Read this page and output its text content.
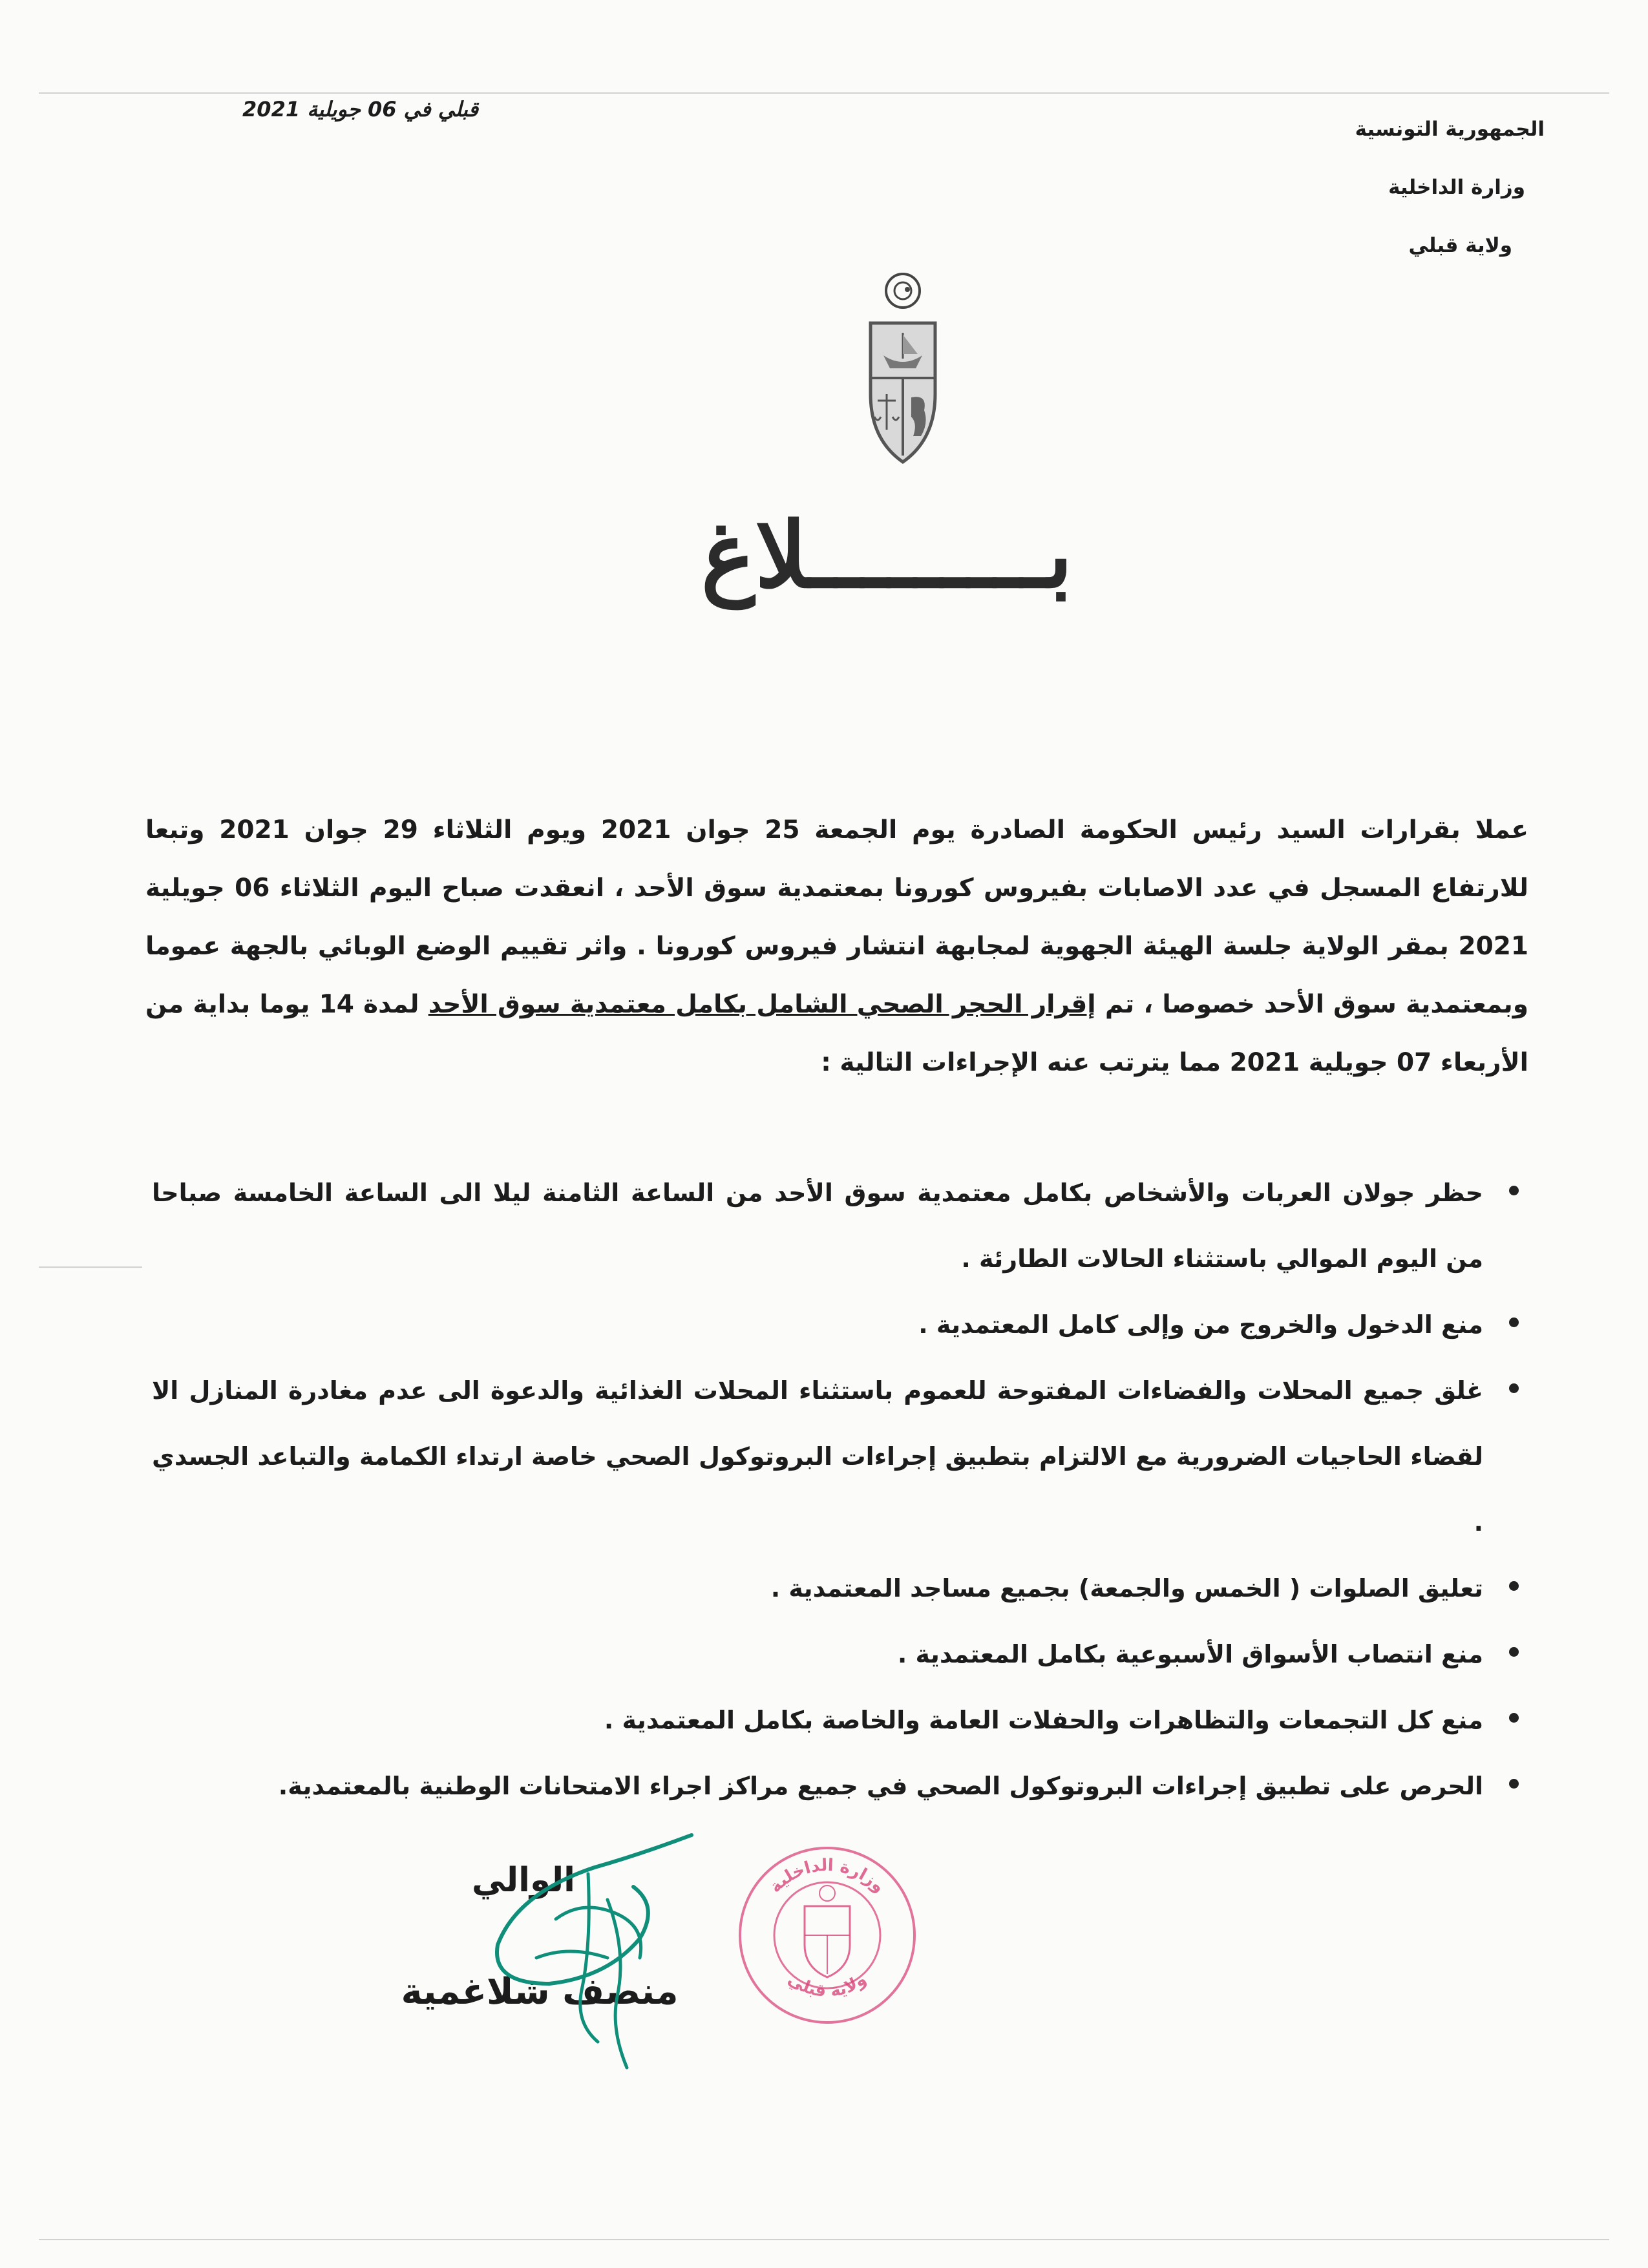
الجمهورية التونسية
وزارة الداخلية
ولاية قبلي
قبلي في 06 جويلية 2021
بـــــــــلاغ
عملا بقرارات السيد رئيس الحكومة الصادرة يوم الجمعة 25 جوان 2021 ويوم الثلاثاء 29 جوان 2021 وتبعا للارتفاع المسجل في عدد الاصابات بفيروس كورونا بمعتمدية سوق الأحد ، انعقدت صباح اليوم الثلاثاء 06 جويلية 2021 بمقر الولاية جلسة الهيئة الجهوية لمجابهة انتشار فيروس كورونا . واثر تقييم الوضع الوبائي بالجهة عموما وبمعتمدية سوق الأحد خصوصا ، تم إقرار الحجر الصحي الشامل بكامل معتمدية سوق الأحد لمدة 14 يوما بداية من الأربعاء 07 جويلية 2021 مما يترتب عنه الإجراءات التالية :
حظر جولان العربات والأشخاص بكامل معتمدية سوق الأحد من الساعة الثامنة ليلا الى الساعة الخامسة صباحا من اليوم الموالي باستثناء الحالات الطارئة .
منع الدخول والخروج من وإلى كامل المعتمدية .
غلق جميع المحلات والفضاءات المفتوحة للعموم باستثناء المحلات الغذائية والدعوة الى عدم مغادرة المنازل الا لقضاء الحاجيات الضرورية مع الالتزام بتطبيق إجراءات البروتوكول الصحي خاصة ارتداء الكمامة والتباعد الجسدي .
تعليق الصلوات ( الخمس والجمعة) بجميع مساجد المعتمدية .
منع انتصاب الأسواق الأسبوعية بكامل المعتمدية .
منع كل التجمعات والتظاهرات والحفلات العامة والخاصة بكامل المعتمدية .
الحرص على تطبيق إجراءات البروتوكول الصحي في جميع مراكز اجراء الامتحانات الوطنية بالمعتمدية.
الوالي
منصف شلاغمية
وزارة الداخلية
ولاية قبلي
